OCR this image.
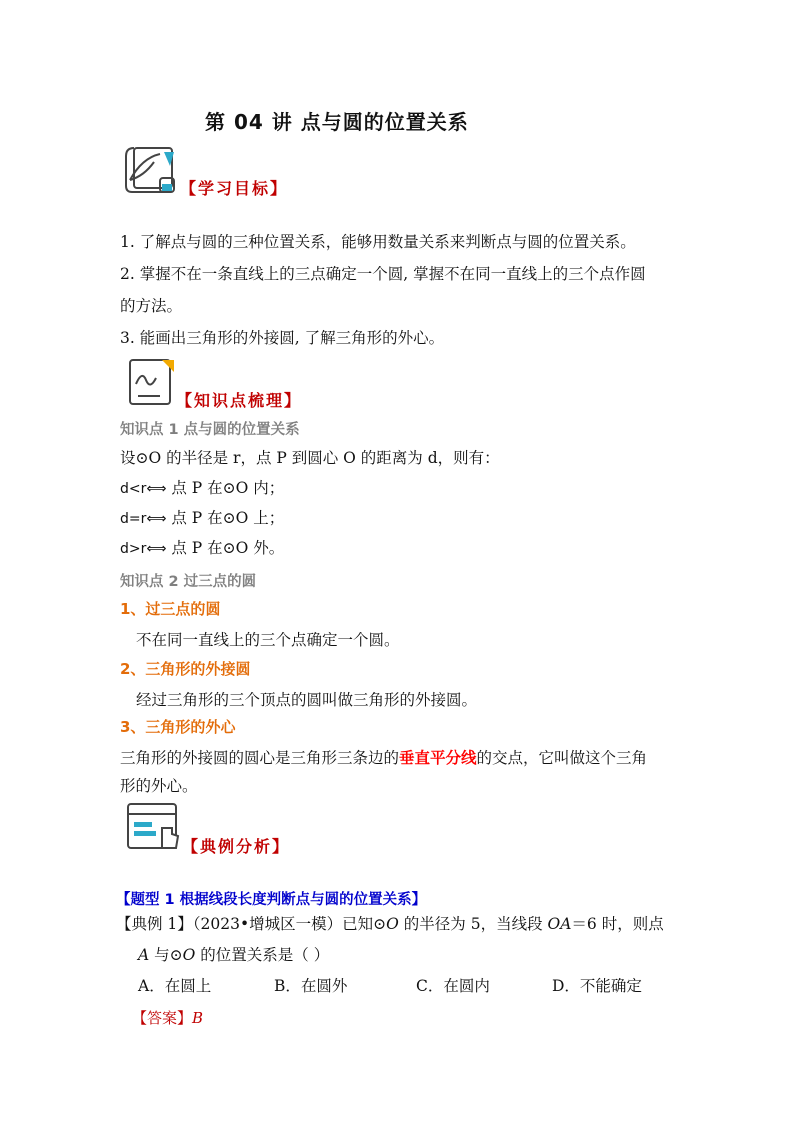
第 04 讲 点与圆的位置关系
【学习目标】
1. 了解点与圆的三种位置关系，能够用数量关系来判断点与圆的位置关系。
2. 掌握不在一条直线上的三点确定一个圆, 掌握不在同一直线上的三个点作圆
的方法。
3. 能画出三角形的外接圆, 了解三角形的外心。
【知识点梳理】
知识点 1 点与圆的位置关系
设⊙O 的半径是 r，点 P 到圆心 O 的距离为 d，则有：
d<r⟺ 点 P 在⊙O 内；
d=r⟺ 点 P 在⊙O 上；
d>r⟺ 点 P 在⊙O 外。
知识点 2 过三点的圆
1、过三点的圆
不在同一直线上的三个点确定一个圆。
2、三角形的外接圆
经过三角形的三个顶点的圆叫做三角形的外接圆。
3、三角形的外心
三角形的外接圆的圆心是三角形三条边的垂直平分线的交点，它叫做这个三角
形的外心。
【典例分析】
【题型 1 根据线段长度判断点与圆的位置关系】
【典例 1】（2023•增城区一模）已知⊙O 的半径为 5，当线段 OA＝6 时，则点
A 与⊙O 的位置关系是（ ）
A．在圆上	B．在圆外	C．在圆内	D．不能确定
【答案】B
